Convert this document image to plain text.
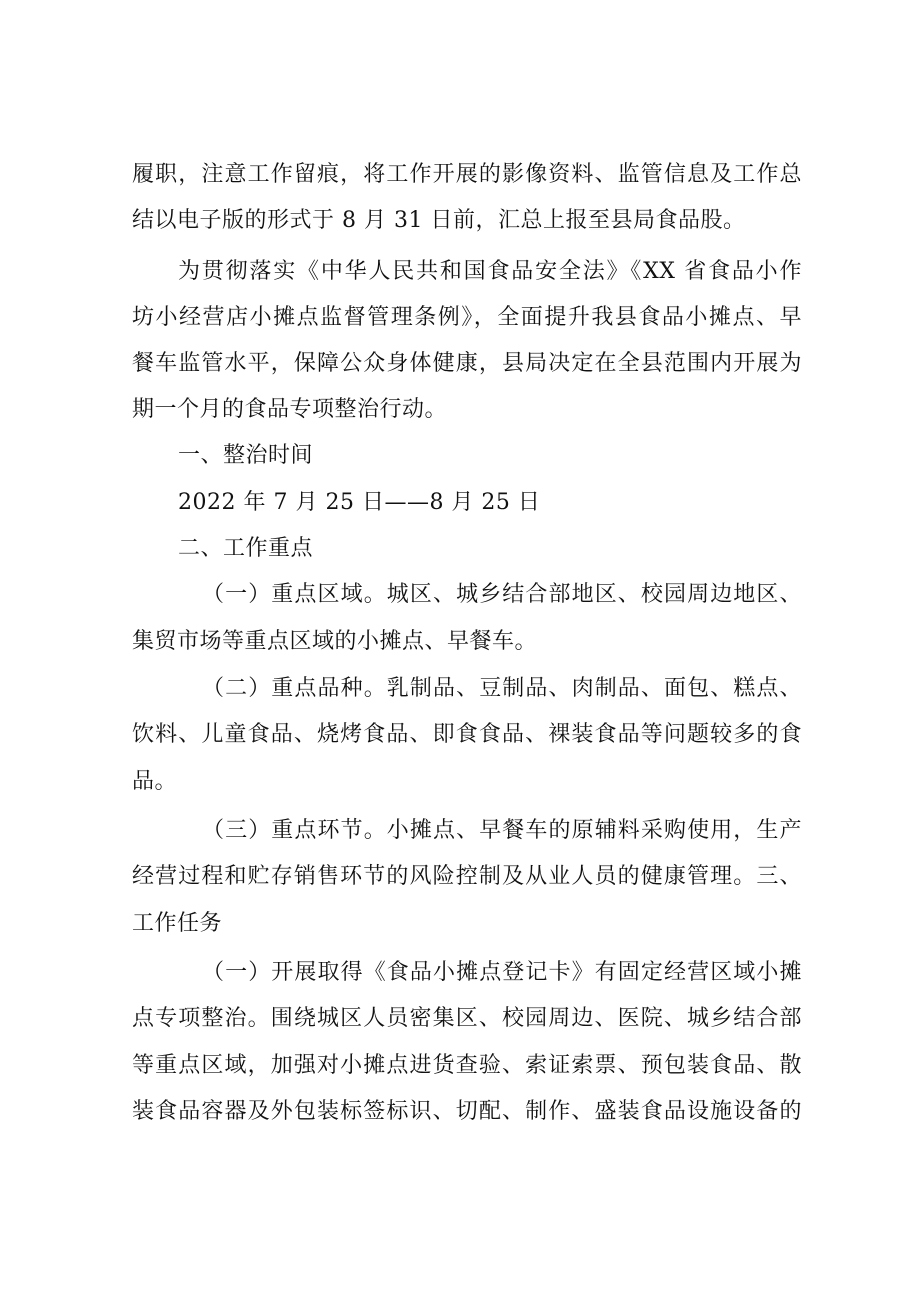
履职，注意工作留痕，将工作开展的影像资料、监管信息及工作总
结以电子版的形式于 8 月 31 日前，汇总上报至县局食品股。
为贯彻落实《中华人民共和国食品安全法》《XX 省食品小作
坊小经营店小摊点监督管理条例》，全面提升我县食品小摊点、早
餐车监管水平，保障公众身体健康，县局决定在全县范围内开展为
期一个月的食品专项整治行动。
一、整治时间
2022 年 7 月 25 日——8 月 25 日
二、工作重点
（一）重点区域。城区、城乡结合部地区、校园周边地区、
集贸市场等重点区域的小摊点、早餐车。
（二）重点品种。乳制品、豆制品、肉制品、面包、糕点、
饮料、儿童食品、烧烤食品、即食食品、裸装食品等问题较多的食
品。
（三）重点环节。小摊点、早餐车的原辅料采购使用，生产
经营过程和贮存销售环节的风险控制及从业人员的健康管理。三、
工作任务
（一）开展取得《食品小摊点登记卡》有固定经营区域小摊
点专项整治。围绕城区人员密集区、校园周边、医院、城乡结合部
等重点区域，加强对小摊点进货查验、索证索票、预包装食品、散
装食品容器及外包装标签标识、切配、制作、盛装食品设施设备的
